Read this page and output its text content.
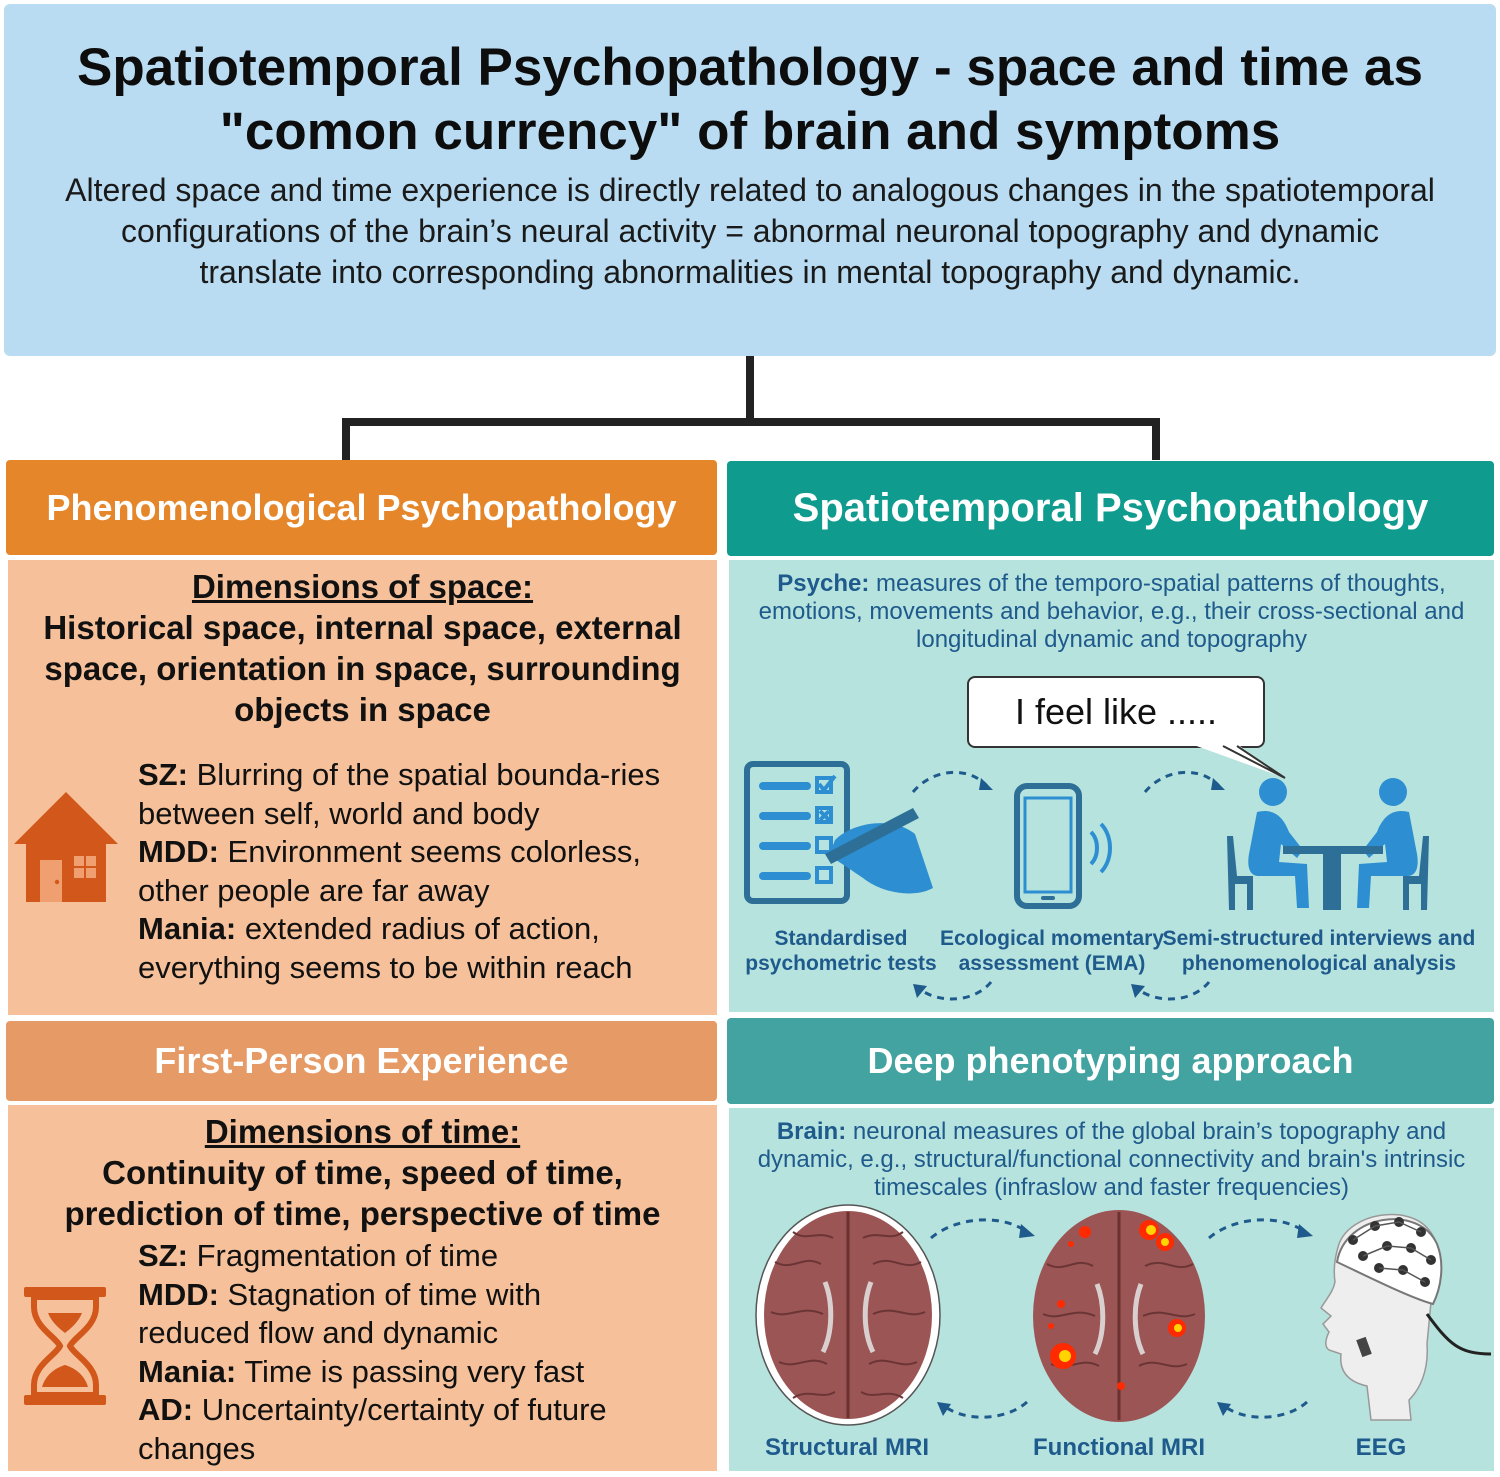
Spatiotemporal Psychopathology - space and time as "comon currency" of brain and symptoms
Altered space and time experience is directly related to analogous changes in the spatiotemporal configurations of the brain’s neural activity = abnormal neuronal topography and dynamic translate into corresponding abnormalities in mental topography and dynamic.
Phenomenological Psychopathology
Dimensions of space:
Historical space, internal space, external space, orientation in space, surrounding objects in space
SZ: Blurring of the spatial bounda-ries between self, world and body
MDD: Environment seems colorless, other people are far away
Mania: extended radius of action, everything seems to be within reach
First-Person Experience
Dimensions of time:
Continuity of time, speed of time, prediction of time, perspective of time
SZ: Fragmentation of time
MDD: Stagnation of time with reduced flow and dynamic
Mania: Time is passing very fast
AD: Uncertainty/certainty of future changes
Spatiotemporal Psychopathology
Psyche: measures of the temporo-spatial patterns of thoughts, emotions, movements and behavior, e.g., their cross-sectional and longitudinal dynamic and topography
I feel like .....
Standardised psychometric tests
Ecological momentary assessment (EMA)
Semi-structured interviews and phenomenological analysis
Deep phenotyping approach
Brain: neuronal measures of the global brain’s topography and dynamic, e.g., structural/functional connectivity and brain's intrinsic timescales (infraslow and faster frequencies)
Structural MRI	Functional MRI	EEG
